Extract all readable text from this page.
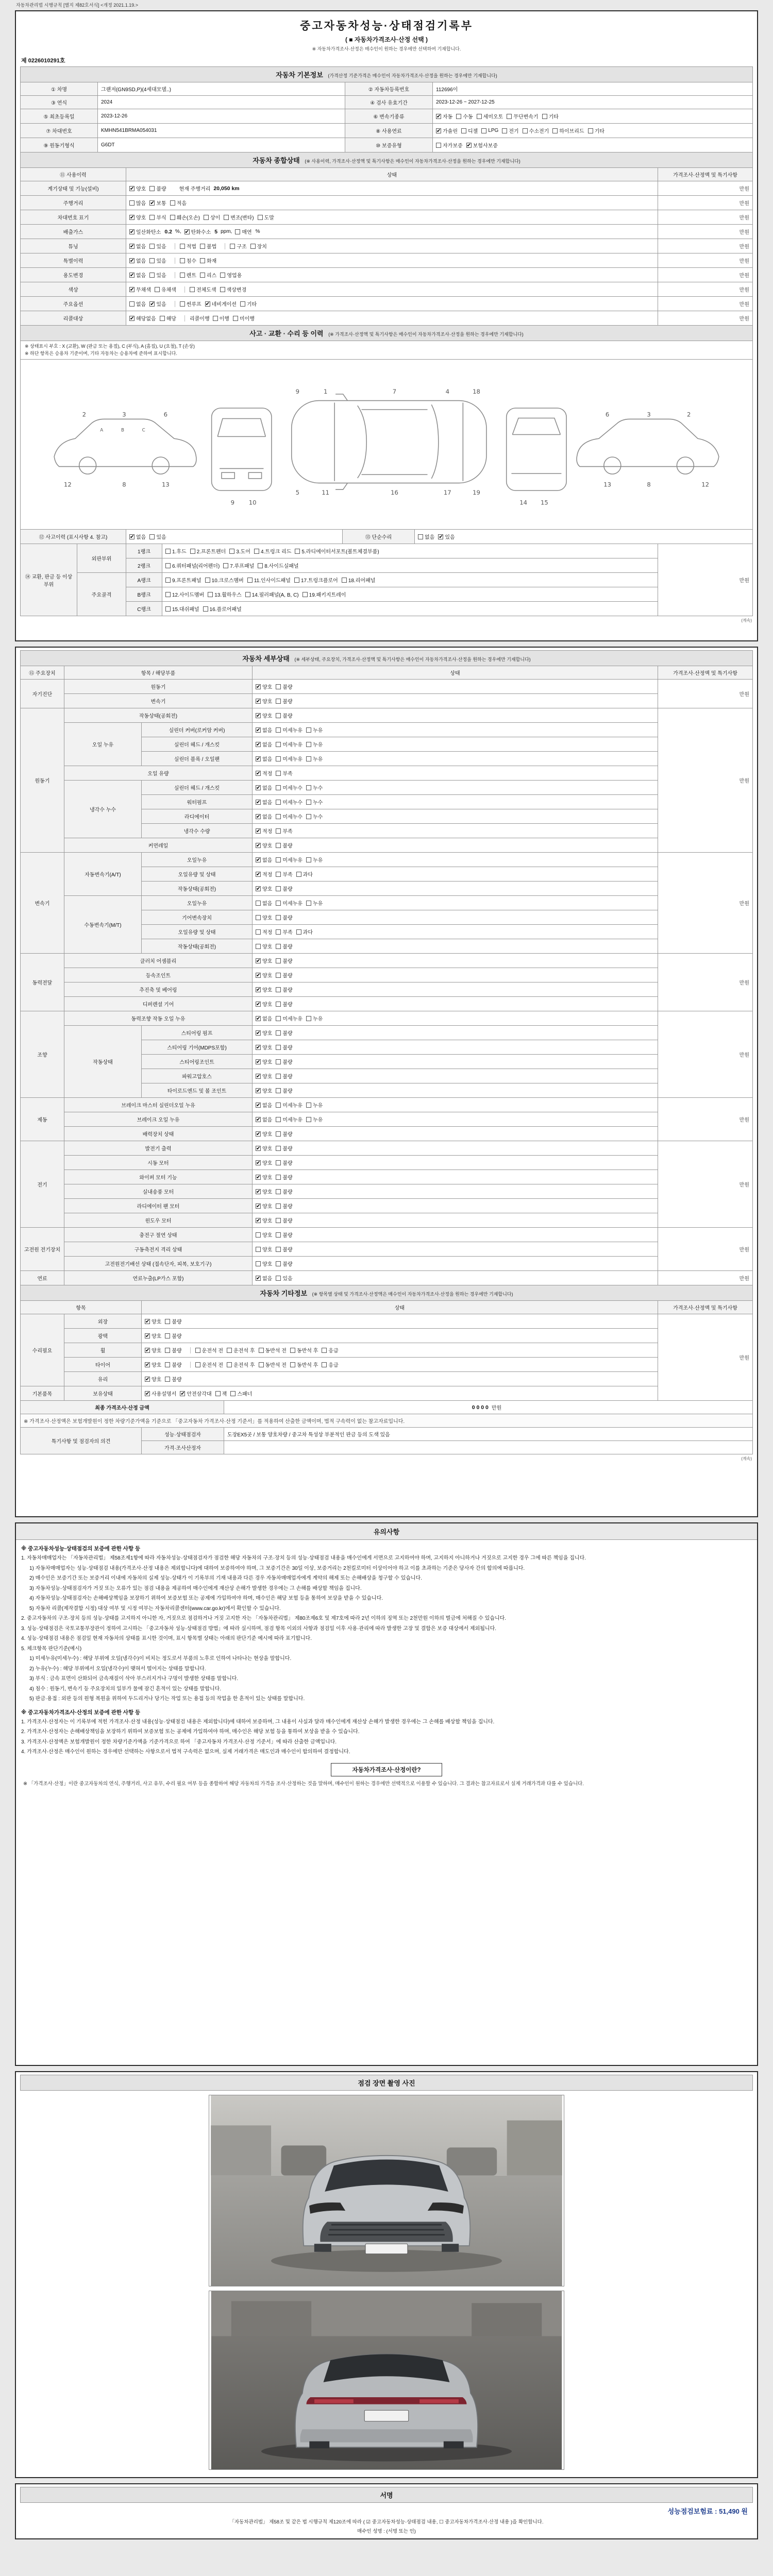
자동차관리법 시행규칙 [별지 제82호서식] <개정 2021.1.19.>
중고자동차성능·상태점검기록부
( ■ 자동차가격조사·산정 선택 )
※ 자동차가격조사·산정은 매수인이 원하는 경우에만 선택하여 기재합니다.
제 0226010291호
자동차 기본정보 (가격산정 기준가격은 매수인이 자동차가격조사·산정을 원하는 경우에만 기재합니다)
① 차명	그랜저(GN9SD,P)(4세대모델..)	② 자동차등록번호	112696이
③ 연식	2024	④ 검사 유효기간	2023-12-26 ~ 2027-12-25
⑤ 최초등록일	2023-12-26	⑥ 변속기종류	✔ 자동 수동 세미오토 무단변속기 기타

⑦ 차대번호	KMHN541BRMA054031	⑧ 사용연료	✔ 가솔린 디젤 LPG 전기 수소전기 하이브리드 기타

⑨ 원동기형식	G6DT	⑩ 보증유형	자가보증 ✔ 보험사보증
자동차 종합상태 (※ 사용이력, 가격조사·산정액 및 특기사항은 매수인이 자동차가격조사·산정을 원하는 경우에만 기재합니다)
⑪ 사용이력	상태	가격조사·산정액 및 특기사항
계기상태 및 기능(설비)	✔ 양호 불량 현재 주행거리 20,050 km	만원
주행거리	많음 ✔ 보통 적음	만원
차대번호 표기	✔ 양호 부식 훼손(오손) 상이 변조(변타) 도말	만원
배출가스	✔ 일산화탄소 0.2 %, ✔ 탄화수소 5 ppm, 매연 %	만원
튜닝	✔ 없음 있음	적법 불법	구조 장치	만원
특별이력	✔ 없음 있음 침수 화재	만원
용도변경	✔ 없음 있음	렌트 리스 영업용	만원
색상	✔ 무채색 유채색 전체도색 색상변경	만원
주요옵션	없음 ✔ 있음	썬루프 ✔ 네비게이션 기타	만원
리콜대상	✔ 해당없음 해당	리콜이행 이행 미이행	만원
사고 · 교환 · 수리 등 이력 (※ 가격조사·산정액 및 특기사항은 매수인이 자동차가격조사·산정을 원하는 경우에만 기재합니다)
※ 상태표시 부호 : X (교환), W (판금 또는 용접), C (부식), A (흠집), U (요철), T (손상)
※ 하단 항목은 승용차 기준이며, 기타 자동차는 승용차에 준하여 표시합니다.
2	3	6
12	8	13
A	B	C
9 10
9	1	7	4	18
5	11	16	17	19
14 15
2
3
6
12
8
13
⑫ 사고이력 (표시사항 4. 참고)	✔ 없음 있음	⑬ 단순수리	없음 ✔ 있음
⑭ 교환, 판금 등 이상 부위	외판부위	1랭크	1.후드 2.프론트펜더 3.도어 4.트렁크 리드 5.라디에이터서포트(볼트체결부품)	만원
		2랭크	6.쿼터패널(리어펜더) 7.루프패널 8.사이드실패널	

	주요골격	A랭크	9.프론트패널 10.크로스멤버 11.인사이드패널 17.트렁크플로어 18.리어패널	

		B랭크	12.사이드멤버 13.휠하우스 14.필러패널(A, B, C) 19.패키지트레이	

		C랭크	15.대쉬패널 16.플로어패널	
(계속)
자동차 세부상태 (※ 세부상태, 주요장치, 가격조사·산정액 및 특기사항은 매수인이 자동차가격조사·산정을 원하는 경우에만 기재합니다)
⑮ 주요장치	항목 / 해당부품		상태	가격조사·산정액 및 특기사항
자기진단	원동기		✔ 양호 불량	만원
	변속기		✔ 양호 불량	

원동기	작동상태(공회전)		✔ 양호 불량	만원
	오일 누유	실린더 커버(로커암 커버)	✔ 없음 미세누유 누유	

		실린더 헤드 / 개스킷	✔ 없음 미세누유 누유	

		실린더 블록 / 오일팬	✔ 없음 미세누유 누유	

	오일 유량		✔ 적정 부족	

	냉각수 누수	실린더 헤드 / 개스킷	✔ 없음 미세누수 누수	

		워터펌프	✔ 없음 미세누수 누수	

		라디에이터	✔ 없음 미세누수 누수	

		냉각수 수량	✔ 적정 부족	

	커먼레일		✔ 양호 불량	

변속기	자동변속기(A/T)	오일누유	✔ 없음 미세누유 누유	만원
		오일유량 및 상태	✔ 적정 부족 과다	

		작동상태(공회전)	✔ 양호 불량	

	수동변속기(M/T)	오일누유	없음 미세누유 누유	

		기어변속장치	양호 불량	

		오일유량 및 상태	적정 부족 과다	

		작동상태(공회전)	양호 불량	

동력전달	클러치 어셈블리		✔ 양호 불량	만원
	등속조인트		✔ 양호 불량	

	추진축 및 베어링		✔ 양호 불량	

	디퍼렌셜 기어		✔ 양호 불량	

조향	동력조향 작동 오일 누유		✔ 없음 미세누유 누유	만원
	작동상태	스티어링 펌프	✔ 양호 불량	

		스티어링 기어(MDPS포함)	✔ 양호 불량	

		스티어링조인트	✔ 양호 불량	

		파워고압호스	✔ 양호 불량	

		타이로드엔드 및 볼 조인트	✔ 양호 불량	

제동	브레이크 마스터 실린더오일 누유		✔ 없음 미세누유 누유	만원
	브레이크 오일 누유		✔ 없음 미세누유 누유	

	배력장치 상태		✔ 양호 불량	

전기	발전기 출력		✔ 양호 불량	만원
	시동 모터		✔ 양호 불량	

	와이퍼 모터 기능		✔ 양호 불량	

	실내송풍 모터		✔ 양호 불량	

	라디에이터 팬 모터		✔ 양호 불량	

	윈도우 모터		✔ 양호 불량	

고전원 전기장치	충전구 절연 상태		양호 불량	만원
	구동축전지 격리 상태		양호 불량	

	고전원전기배선 상태 (접속단자, 피복, 보호기구)		양호 불량	

연료	연료누출(LP가스 포함)		✔ 없음 있음	만원
자동차 기타정보 (※ 항목별 상태 및 가격조사·산정액은 매수인이 자동차가격조사·산정을 원하는 경우에만 기재합니다)
항목		상태	가격조사·산정액 및 특기사항
수리필요	외장	✔ 양호 불량	만원
	광택	✔ 양호 불량	

휠	✔ 양호 불량	운전석 전 운전석 후 동반석 전 동반석 후 응급

타이어	✔ 양호 불량	운전석 전 운전석 후 동반석 전 동반석 후 응급

	유리	✔ 양호 불량	

기본품목	보유상태	✔ 사용설명서 ✔ 안전삼각대 잭 스패너
최종 가격조사·산정 금액		0 0 0 0 만원
※ 가격조사·산정액은 보험개발원이 정한 차량기준가액을 기준으로 「중고자동차 가격조사·산정 기준서」를 적용하여 산출한 금액이며, 법적 구속력이 없는 참고자료입니다.		
특기사항 및 점검자의 의견	성능·상태점검자	도장EX5곳 / 보통 양호차량 / 중고차 특성상 부분적인 판금 등의 도색 있음
	가격·조사산정자	
(계속)
유의사항
※ 중고자동차성능·상태점검의 보증에 관한 사항 등
1. 자동차매매업자는 「자동차관리법」 제58조제1항에 따라 자동차성능·상태점검자가 점검한 해당 자동차의 구조·장치 등의 성능·상태점검 내용을 매수인에게 서면으로 고지하여야 하며, 고지하지 아니하거나 거짓으로 고지한 경우 그에 따른 책임을 집니다.
1) 자동차매매업자는 성능·상태점검 내용(가격조사·산정 내용은 제외합니다)에 대하여 보증하여야 하며, 그 보증기간은 30일 이상, 보증거리는 2천킬로미터 이상이어야 하고 이를 초과하는 기준은 당사자 간의 합의에 따릅니다.
2) 매수인은 보증기간 또는 보증거리 이내에 자동차의 실제 성능·상태가 이 기록부의 기재 내용과 다른 경우 자동차매매업자에게 계약의 해제 또는 손해배상을 청구할 수 있습니다.
3) 자동차성능·상태점검자가 거짓 또는 오류가 있는 점검 내용을 제공하여 매수인에게 재산상 손해가 발생한 경우에는 그 손해를 배상할 책임을 집니다.
4) 자동차성능·상태점검자는 손해배상책임을 보장하기 위하여 보증보험 또는 공제에 가입하여야 하며, 매수인은 해당 보험 등을 통하여 보상을 받을 수 있습니다.
5) 자동차 리콜(제작결함 시정) 대상 여부 및 시정 여부는 자동차리콜센터(www.car.go.kr)에서 확인할 수 있습니다.
2. 중고자동차의 구조·장치 등의 성능·상태를 고지하지 아니한 자, 거짓으로 점검하거나 거짓 고지한 자는 「자동차관리법」 제80조제6호 및 제7호에 따라 2년 이하의 징역 또는 2천만원 이하의 벌금에 처해질 수 있습니다.
3. 성능·상태점검은 국토교통부장관이 정하여 고시하는 「중고자동차 성능·상태점검 방법」에 따라 실시하며, 점검 항목 이외의 사항과 점검일 이후 사용·관리에 따라 발생한 고장 및 결함은 보증 대상에서 제외됩니다.
4. 성능·상태점검 내용은 점검일 현재 자동차의 상태를 표시한 것이며, 표시 항목별 상태는 아래의 판단기준 예시에 따라 표기합니다.
5. 체크항목 판단기준(예시)
1) 미세누유(미세누수) : 해당 부위에 오일(냉각수)이 비치는 정도로서 부품의 노후로 인하여 나타나는 현상을 말합니다.
2) 누유(누수) : 해당 부위에서 오일(냉각수)이 맺혀서 떨어지는 상태를 말합니다.
3) 부식 : 금속 표면이 산화되어 금속재질이 삭아 부스러지거나 구멍이 발생한 상태를 말합니다.
4) 침수 : 원동기, 변속기 등 주요장치의 일부가 물에 잠긴 흔적이 있는 상태를 말합니다.
5) 판금·용접 : 외판 등의 원형 복원을 위하여 두드리거나 당기는 작업 또는 용접 등의 작업을 한 흔적이 있는 상태를 말합니다.
※ 중고자동차가격조사·산정의 보증에 관한 사항 등
1. 가격조사·산정자는 이 기록부에 적힌 가격조사·산정 내용(성능·상태점검 내용은 제외합니다)에 대하여 보증하며, 그 내용이 사실과 달라 매수인에게 재산상 손해가 발생한 경우에는 그 손해를 배상할 책임을 집니다.
2. 가격조사·산정자는 손해배상책임을 보장하기 위하여 보증보험 또는 공제에 가입하여야 하며, 매수인은 해당 보험 등을 통하여 보상을 받을 수 있습니다.
3. 가격조사·산정액은 보험개발원이 정한 차량기준가액을 기준가격으로 하여 「중고자동차 가격조사·산정 기준서」에 따라 산출한 금액입니다.
4. 가격조사·산정은 매수인이 원하는 경우에만 선택하는 사항으로서 법적 구속력은 없으며, 실제 거래가격은 매도인과 매수인이 합의하여 결정합니다.
자동차가격조사·산정이란?
※ 「가격조사·산정」이란 중고자동차의 연식, 주행거리, 사고 유무, 수리 필요 여부 등을 종합하여 해당 자동차의 가격을 조사·산정하는 것을 말하며, 매수인이 원하는 경우에만 선택적으로 이용할 수 있습니다. 그 결과는 참고자료로서 실제 거래가격과 다를 수 있습니다.
점검 장면 촬영 사진
서명
성능점검보험료 : 51,490 원
「자동차관리법」 제58조 및 같은 법 시행규칙 제120조에 따라 ( ☑ 중고자동차성능·상태점검 내용, ☐ 중고자동차가격조사·산정 내용 )을 확인합니다.
매수인 성명 : (서명 또는 인)
